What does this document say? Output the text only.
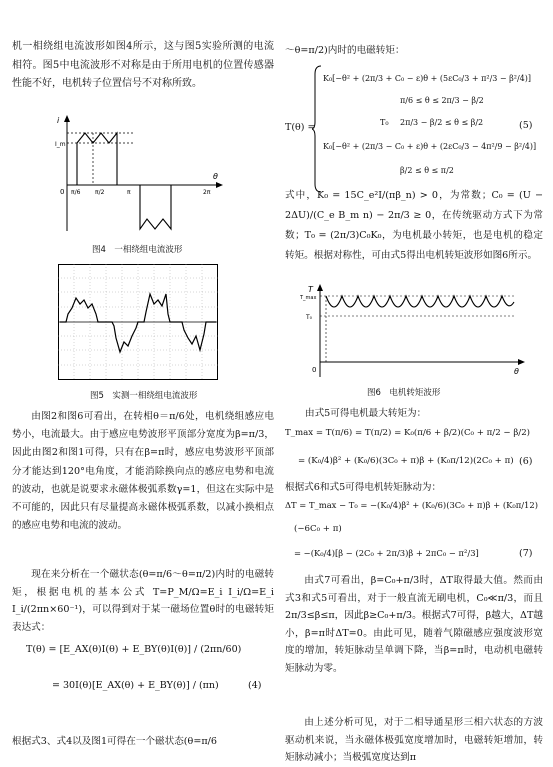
机一相绕组电流波形如图4所示，这与图5实验所测的电流相符。图5中电流波形不对称是由于所用电机的位置传感器性能不好，电机转子位置信号不对称所致。

i
I_m
θ
0 π/6 π/2	π	2π
图4　一相绕组电流波形
图5　实测一相绕组电流波形

由图2和图6可看出，在转相θ＝π/6处，电机绕组感应电势小，电流最大。由于感应电势波形平顶部分宽度为β=π/3，因此由图2和图1可得，只有在β=π时，感应电势波形平顶部分才能达到120°电角度，才能消除换向点的感应电势和电流的波动，也就是说要求永磁体极弧系数γ=1，但这在实际中是不可能的，因此只有尽量提高永磁体极弧系数，以减小换相点的感应电势和电流的波动。

现在来分析在一个磁状态(θ=π/6～θ=π/2)内时的电磁转矩，根据电机的基本公式 T=P_M/Ω=E_i I_i/Ω=E_i I_i/(2πn×60⁻¹)，可以得到对于某一磁场位置θ时的电磁转矩表达式：

T(θ) = [E_AX(θ)I(θ) + E_BY(θ)I(θ)] / (2πn/60)
= 30I(θ)[E_AX(θ) + E_BY(θ)] / (πn)	(4)

根据式3、式4以及图1可得在一个磁状态(θ=π/6

～θ=π/2)内时的电磁转矩：

T(θ) =
K₀[−θ² + (2π/3 + C₀ − ε)θ + (5εC₀/3 + π²/3 − β²/4)]
π/6 ≤ θ ≤ 2π/3 − β/2
T₀ 2π/3 − β/2 ≤ θ ≤ β/2
K₀[−θ² + (2π/3 − C₀ + ε)θ + (2εC₀/3 − 4π²/9 − β²/4)]
β/2 ≤ θ ≤ π/2
(5)

式中，K₀ = 15C_e²I/(πβ_n) > 0，为常数；C₀ = (U − 2ΔU)/(C_e B_m n) − 2π/3 ≥ 0，在传统驱动方式下为常数；T₀ = (2π/3)C₀K₀，为电机最小转矩，也是电机的稳定转矩。根据对称性，可由式5得出电机转矩波形如图6所示。

T
T_max
T₀
0	θ
图6　电机转矩波形

由式5可得电机最大转矩为：

T_max = T(π/6) = T(π/2) = K₀(π/6 + β/2)(C₀ + π/2 − β/2)
= (K₀/4)β² + (K₀/6)(3C₀ + π)β + (K₀π/12)(2C₀ + π) (6)

根据式6和式5可得电机转矩脉动为：

ΔT = T_max − T₀ = −(K₀/4)β² + (K₀/6)(3C₀ + π)β + (K₀π/12)
(−6C₀ + π)
= −(K₀/4)[β − (2C₀ + 2π/3)β + 2πC₀ − π²/3]	(7)

由式7可看出，β=C₀+π/3时，ΔT取得最大值。然而由式3和式5可看出，对于一般直流无刷电机，C₀≪π/3，而且2π/3≤β≤π，因此β≥C₀+π/3。根据式7可得，β越大，ΔT越小，β=π时ΔT=0。由此可见，随着气隙磁感应强度波形宽度的增加，转矩脉动呈单调下降，当β=π时，电动机电磁转矩脉动为零。

由上述分析可见，对于二相导通星形三相六状态的方波驱动机来说，当永磁体极弧宽度增加时，电磁转矩增加，转矩脉动减小；当极弧宽度达到π
